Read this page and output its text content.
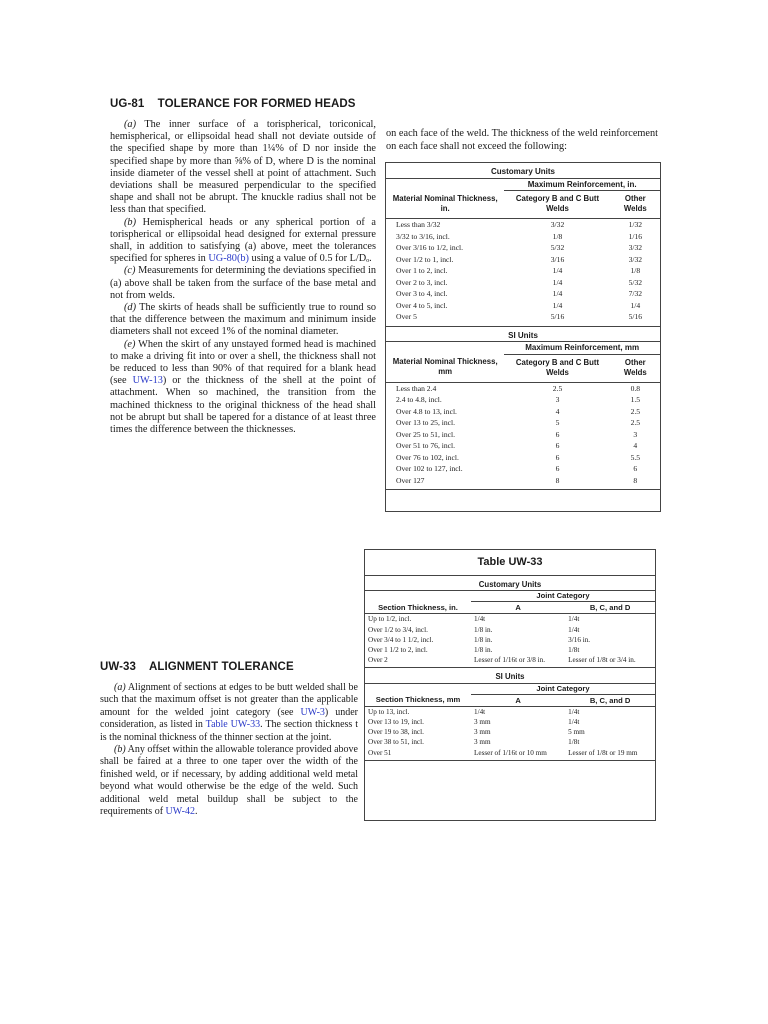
UG-81 TOLERANCE FOR FORMED HEADS

(a) The inner surface of a torispherical, toriconical, hemispherical, or ellipsoidal head shall not deviate outside of the specified shape by more than 1¼% of D nor inside the specified shape by more than ⅝% of D, where D is the nominal inside diameter of the vessel shell at point of attachment. Such deviations shall be measured perpendicular to the specified shape and shall not be abrupt. The knuckle radius shall not be less than that specified.

(b) Hemispherical heads or any spherical portion of a torispherical or ellipsoidal head designed for external pressure shall, in addition to satisfying (a) above, meet the tolerances specified for spheres in UG-80(b) using a value of 0.5 for L/Dₒ.

(c) Measurements for determining the deviations specified in (a) above shall be taken from the surface of the base metal and not from welds.

(d) The skirts of heads shall be sufficiently true to round so that the difference between the maximum and minimum inside diameters shall not exceed 1% of the nominal diameter.

(e) When the skirt of any unstayed formed head is machined to make a driving fit into or over a shell, the thickness shall not be reduced to less than 90% of that required for a blank head (see UW-13) or the thickness of the shell at the point of attachment. When so machined, the transition from the machined thickness to the original thickness of the head shall not be abrupt but shall be tapered for a distance of at least three times the difference between the thicknesses.

on each face of the weld. The thickness of the weld reinforcement on each face shall not exceed the following:
Customary Units		
	Maximum Reinforcement, in.	
Material Nominal Thickness, in.	Category B and C Butt Welds	Other Welds
Less than 3/32	3/32	1/32
3/32 to 3/16, incl.	1/8	1/16
Over 3/16 to 1/2, incl.	5/32	3/32
Over 1/2 to 1, incl.	3/16	3/32
Over 1 to 2, incl.	1/4	1/8
Over 2 to 3, incl.	1/4	5/32
Over 3 to 4, incl.	1/4	7/32
Over 4 to 5, incl.	1/4	1/4
Over 5	5/16	5/16
SI Units		
	Maximum Reinforcement, mm	
Material Nominal Thickness, mm	Category B and C Butt Welds	Other Welds
Less than 2.4	2.5	0.8
2.4 to 4.8, incl.	3	1.5
Over 4.8 to 13, incl.	4	2.5
Over 13 to 25, incl.	5	2.5
Over 25 to 51, incl.	6	3
Over 51 to 76, incl.	6	4
Over 76 to 102, incl.	6	5.5
Over 102 to 127, incl.	6	6
Over 127	8	8
Table UW-33
Customary Units		
	Joint Category	
Section Thickness, in.	A	B, C, and D
Up to 1/2, incl.	1/4t	1/4t
Over 1/2 to 3/4, incl.	1/8 in.	1/4t
Over 3/4 to 1 1/2, incl.	1/8 in.	3/16 in.
Over 1 1/2 to 2, incl.	1/8 in.	1/8t
Over 2	Lesser of 1/16t or 3/8 in.	Lesser of 1/8t or 3/4 in.
SI Units		
	Joint Category	
Section Thickness, mm	A	B, C, and D
Up to 13, incl.	1/4t	1/4t
Over 13 to 19, incl.	3 mm	1/4t
Over 19 to 38, incl.	3 mm	5 mm
Over 38 to 51, incl.	3 mm	1/8t
Over 51	Lesser of 1/16t or 10 mm	Lesser of 1/8t or 19 mm
UW-33 ALIGNMENT TOLERANCE

(a) Alignment of sections at edges to be butt welded shall be such that the maximum offset is not greater than the applicable amount for the welded joint category (see UW-3) under consideration, as listed in Table UW-33. The section thickness t is the nominal thickness of the thinner section at the joint.

(b) Any offset within the allowable tolerance provided above shall be faired at a three to one taper over the width of the finished weld, or if necessary, by adding additional weld metal beyond what would otherwise be the edge of the weld. Such additional weld metal buildup shall be subject to the requirements of UW-42.
